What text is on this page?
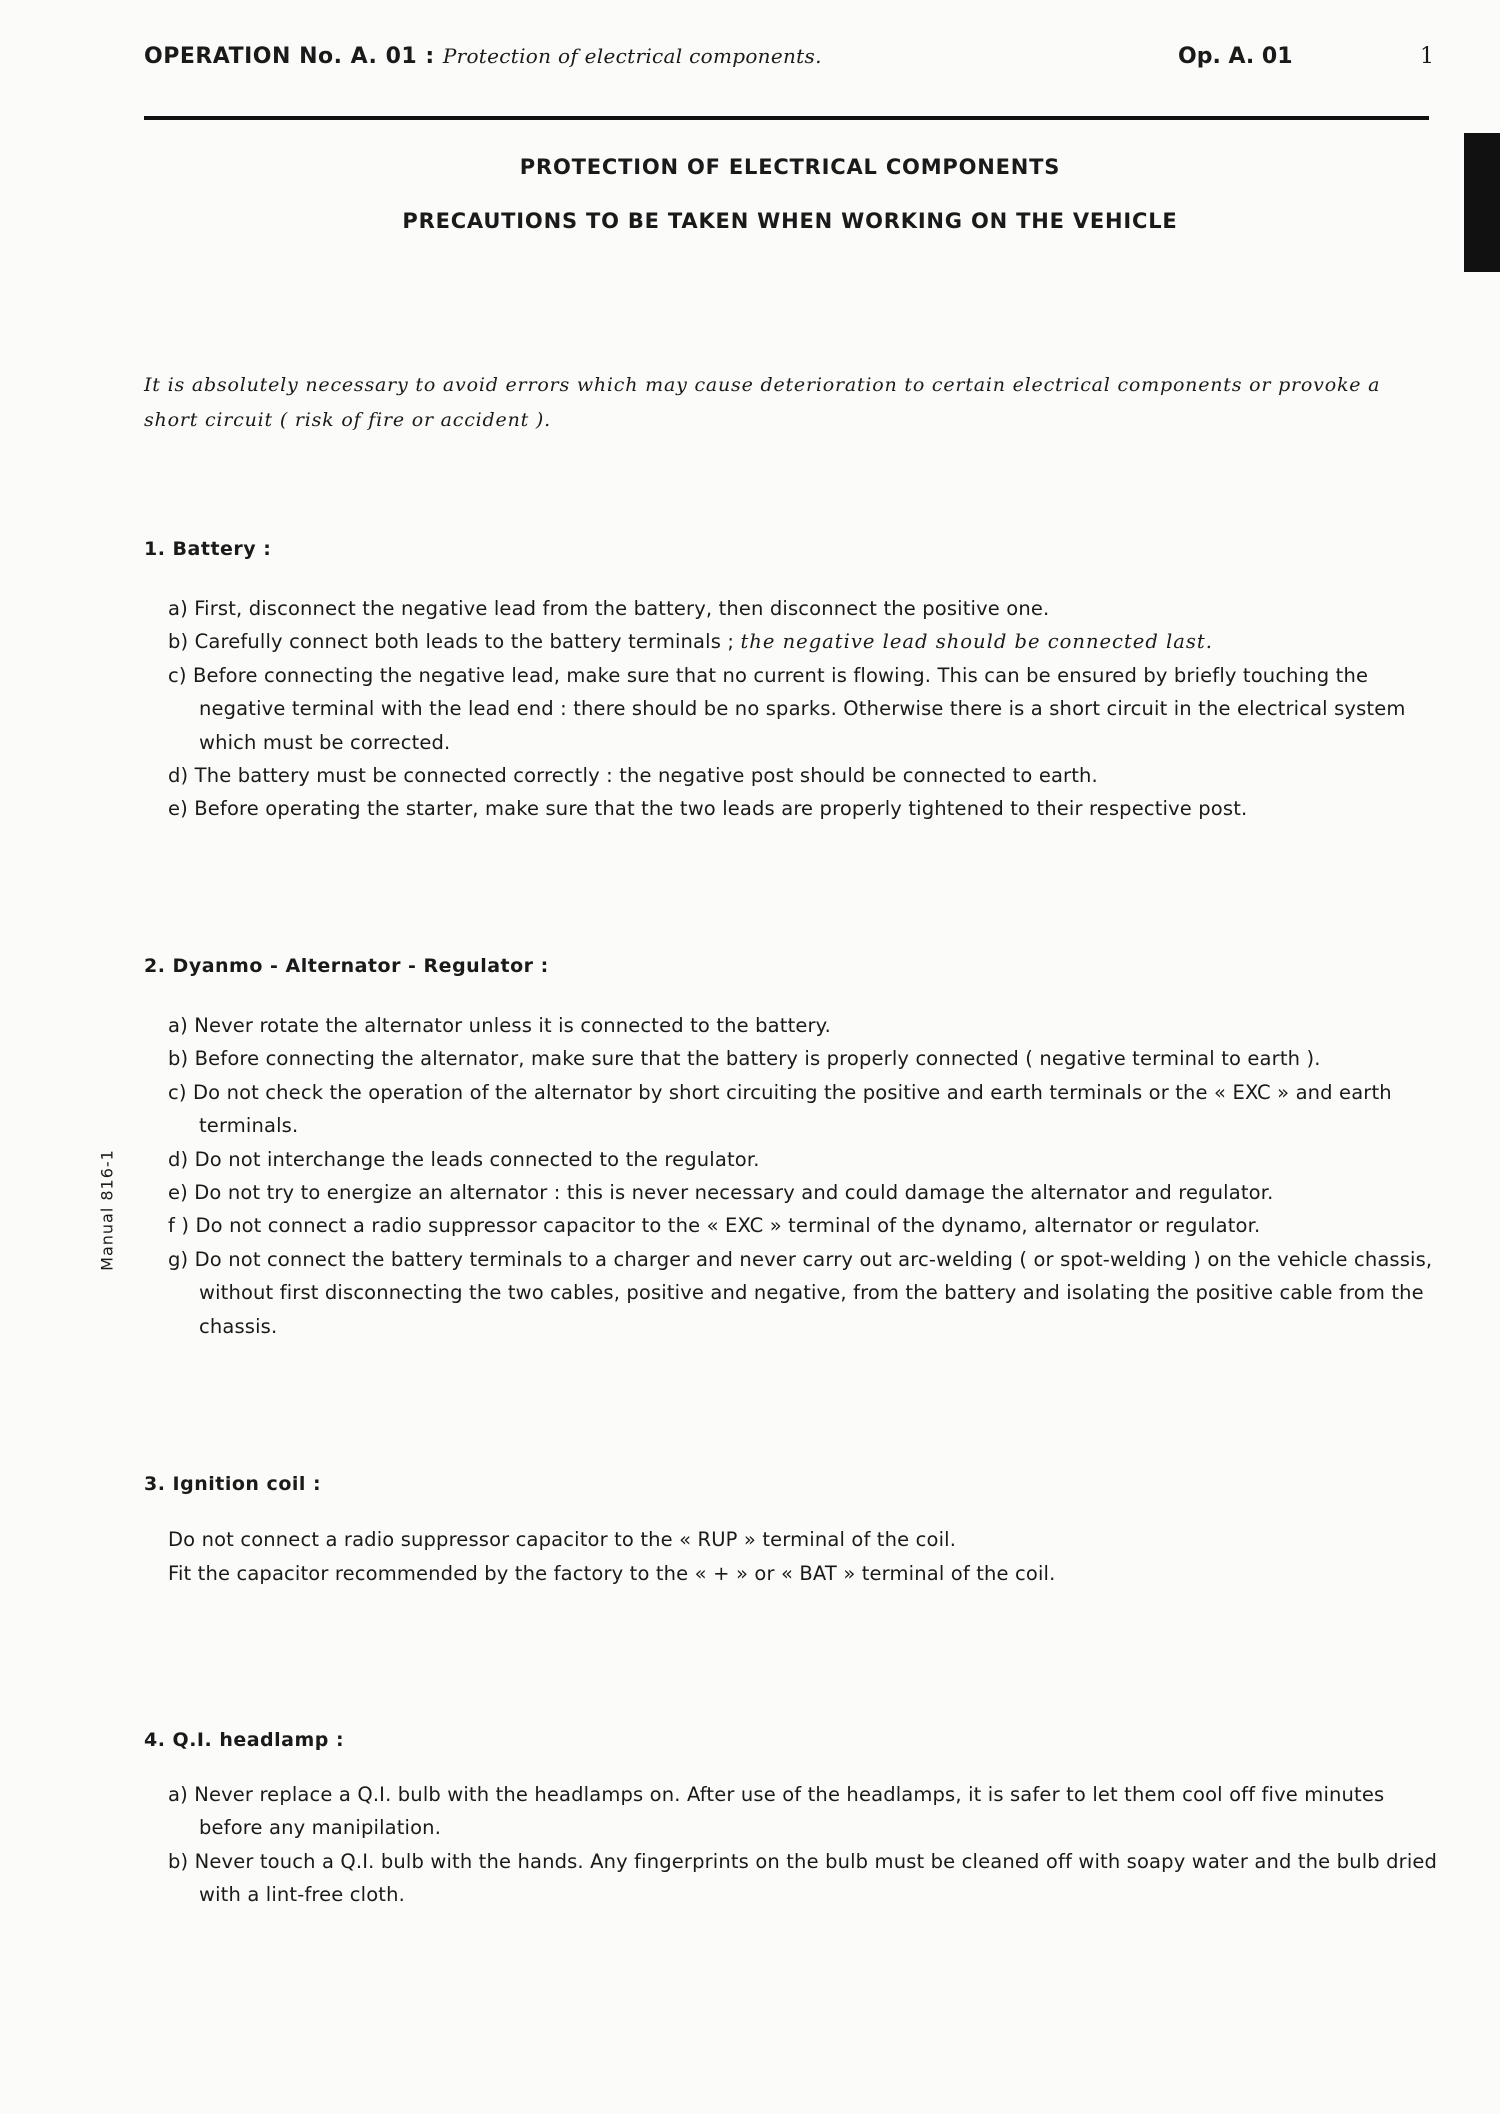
OPERATION No. A. 01 : Protection of electrical components.	Op. A. 01	1
Manual 816-1
PROTECTION OF ELECTRICAL COMPONENTS
PRECAUTIONS TO BE TAKEN WHEN WORKING ON THE VEHICLE

It is absolutely necessary to avoid errors which may cause deterioration to certain electrical components or provoke a short circuit ( risk of fire or accident ).

1. Battery :
a) First, disconnect the negative lead from the battery, then disconnect the positive one.
b) Carefully connect both leads to the battery terminals ; the negative lead should be connected last.
c) Before connecting the negative lead, make sure that no current is flowing. This can be ensured by briefly touching the negative terminal with the lead end : there should be no sparks. Otherwise there is a short circuit in the electrical system which must be corrected.
d) The battery must be connected correctly : the negative post should be connected to earth.
e) Before operating the starter, make sure that the two leads are properly tightened to their respective post.
2. Dyanmo - Alternator - Regulator :
a) Never rotate the alternator unless it is connected to the battery.
b) Before connecting the alternator, make sure that the battery is properly connected ( negative terminal to earth ).
c) Do not check the operation of the alternator by short circuiting the positive and earth terminals or the « EXC » and earth terminals.
d) Do not interchange the leads connected to the regulator.
e) Do not try to energize an alternator : this is never necessary and could damage the alternator and regulator.
f ) Do not connect a radio suppressor capacitor to the « EXC » terminal of the dynamo, alternator or regulator.
g) Do not connect the battery terminals to a charger and never carry out arc-welding ( or spot-welding ) on the vehicle chassis, without first disconnecting the two cables, positive and negative, from the battery and isolating the positive cable from the chassis.
3. Ignition coil :
Do not connect a radio suppressor capacitor to the « RUP » terminal of the coil.
Fit the capacitor recommended by the factory to the « + » or « BAT » terminal of the coil.
4. Q.I. headlamp :
a) Never replace a Q.I. bulb with the headlamps on. After use of the headlamps, it is safer to let them cool off five minutes before any manipilation.
b) Never touch a Q.I. bulb with the hands. Any fingerprints on the bulb must be cleaned off with soapy water and the bulb dried with a lint-free cloth.
